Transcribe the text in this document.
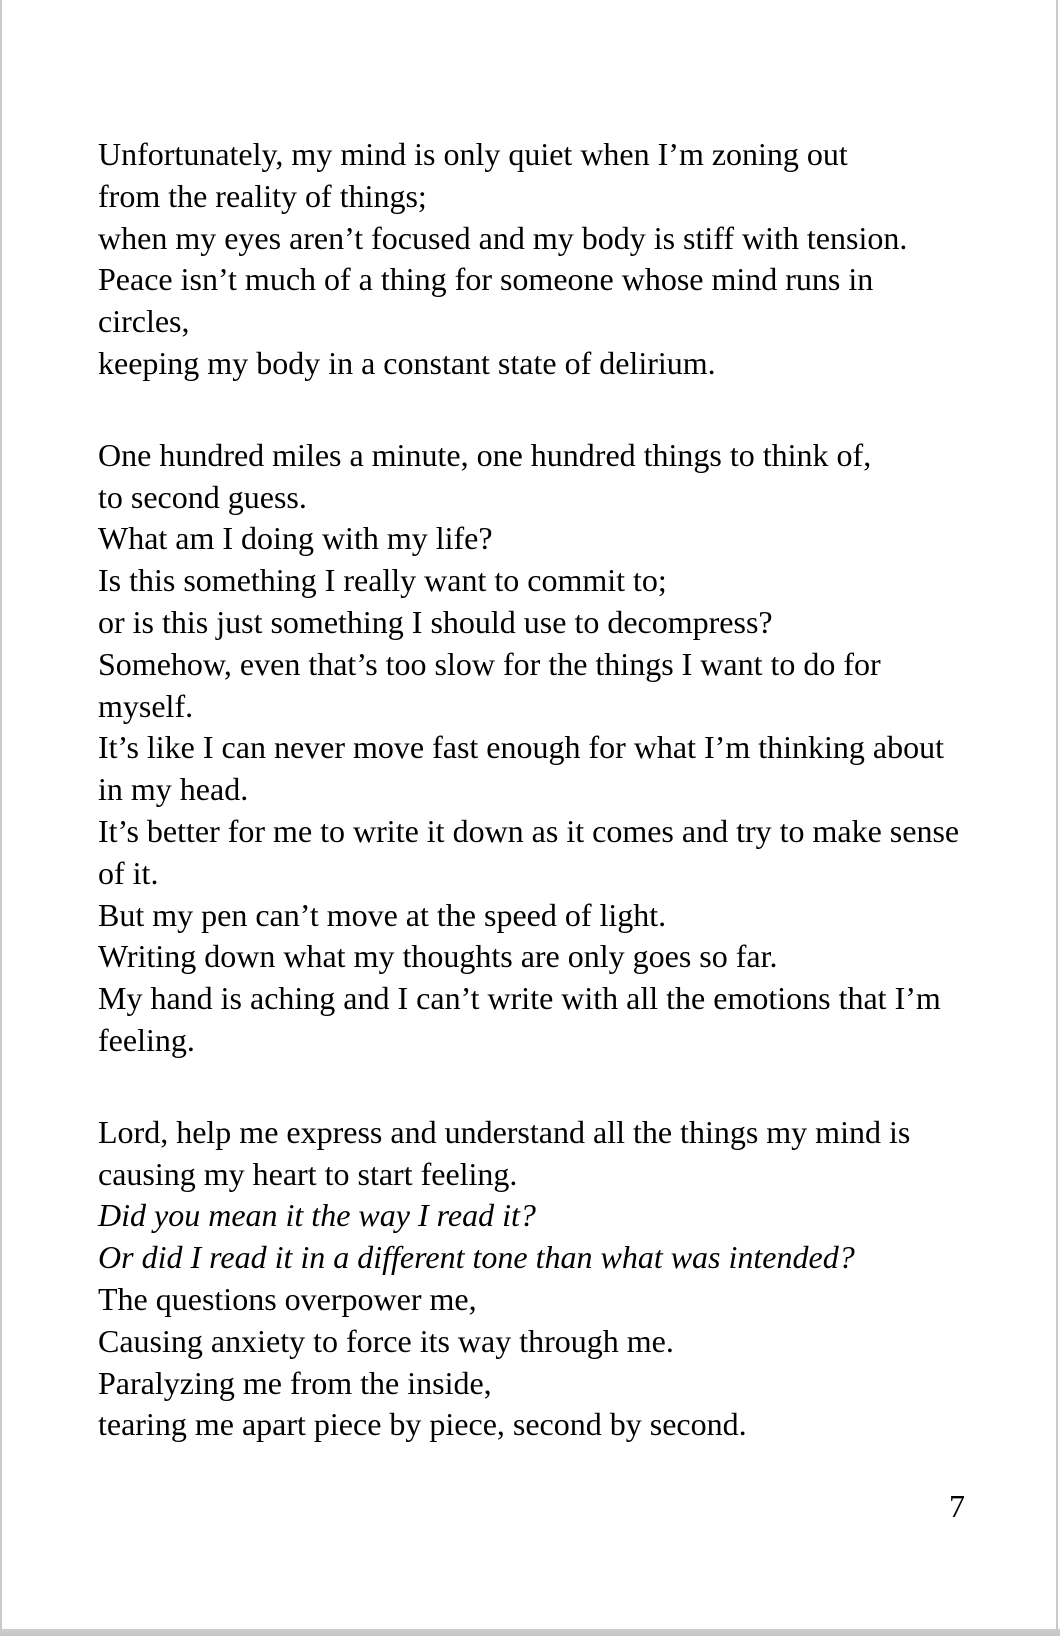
Unfortunately, my mind is only quiet when I’m zoning out
from the reality of things;
when my eyes aren’t focused and my body is stiff with tension.
Peace isn’t much of a thing for someone whose mind runs in
circles,
keeping my body in a constant state of delirium.
One hundred miles a minute, one hundred things to think of,
to second guess.
What am I doing with my life?
Is this something I really want to commit to;
or is this just something I should use to decompress?
Somehow, even that’s too slow for the things I want to do for
myself.
It’s like I can never move fast enough for what I’m thinking about
in my head.
It’s better for me to write it down as it comes and try to make sense
of it.
But my pen can’t move at the speed of light.
Writing down what my thoughts are only goes so far.
My hand is aching and I can’t write with all the emotions that I’m
feeling.
Lord, help me express and understand all the things my mind is
causing my heart to start feeling.
Did you mean it the way I read it?
Or did I read it in a different tone than what was intended?
The questions overpower me,
Causing anxiety to force its way through me.
Paralyzing me from the inside,
tearing me apart piece by piece, second by second.
7
